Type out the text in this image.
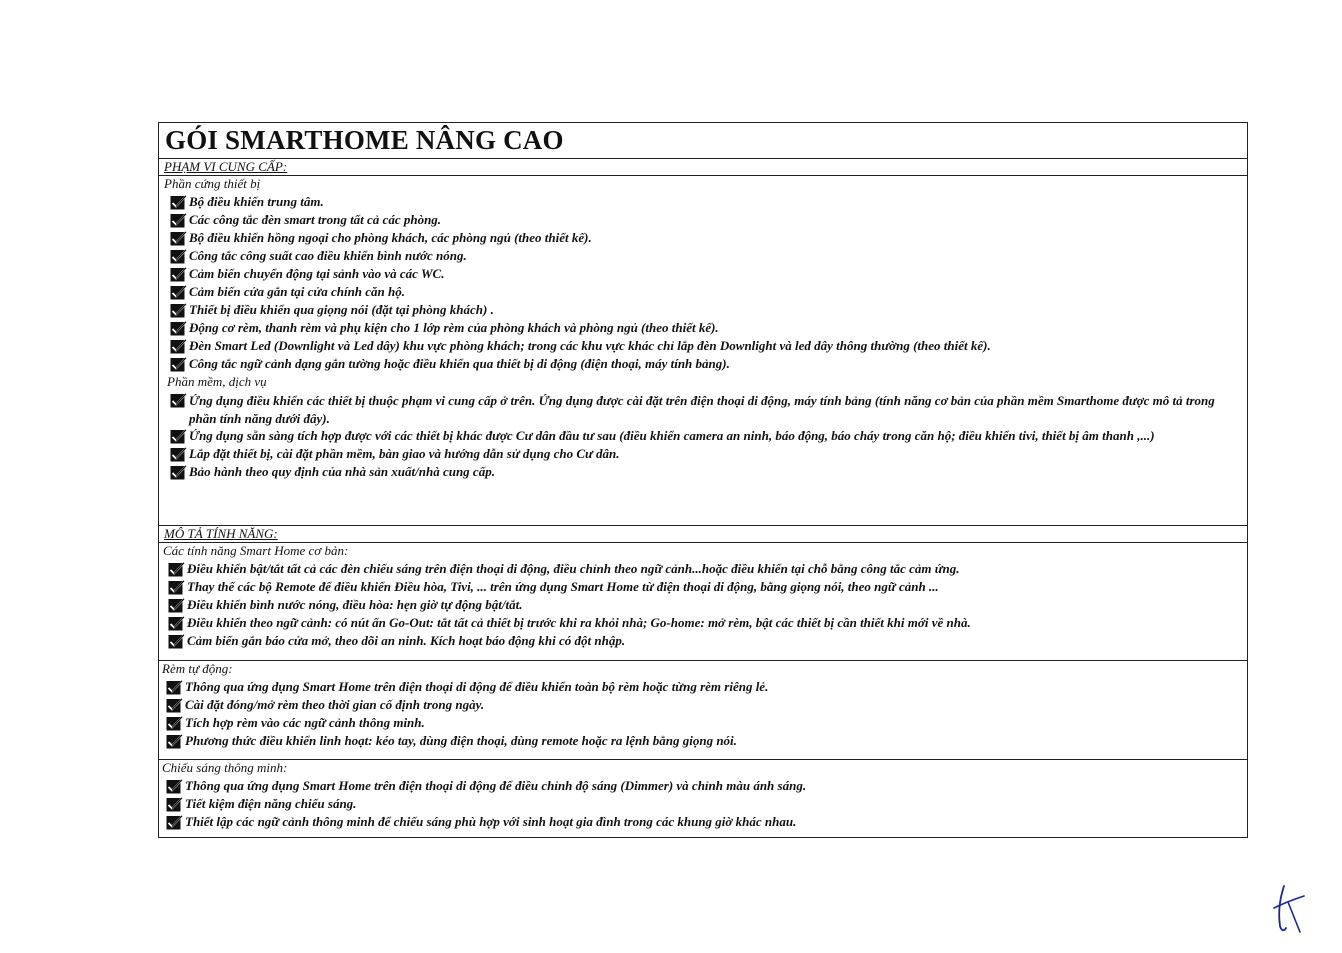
GÓI SMARTHOME NÂNG CAO
PHẠM VI CUNG CẤP:
Phần cứng thiết bị
Bộ điều khiển trung tâm.
Các công tắc đèn smart trong tất cả các phòng.
Bộ điều khiển hồng ngoại cho phòng khách, các phòng ngủ (theo thiết kế).
Công tắc công suất cao điều khiển bình nước nóng.
Cảm biến chuyển động tại sảnh vào và các WC.
Cảm biến cửa gắn tại cửa chính căn hộ.
Thiết bị điều khiển qua giọng nói (đặt tại phòng khách) .
Động cơ rèm, thanh rèm và phụ kiện cho 1 lớp rèm của phòng khách và phòng ngủ (theo thiết kế).
Đèn Smart Led (Downlight và Led dây) khu vực phòng khách; trong các khu vực khác chỉ lắp đèn Downlight và led dây thông thường (theo thiết kế).
Công tắc ngữ cảnh dạng gắn tường hoặc điều khiển qua thiết bị di động (điện thoại, máy tính bảng).
Phần mềm, dịch vụ
Ứng dụng điều khiển các thiết bị thuộc phạm vi cung cấp ở trên. Ứng dụng được cài đặt trên điện thoại di động, máy tính bảng (tính năng cơ bản của phần mềm Smarthome được mô tả trong phần tính năng dưới đây).
Ứng dụng sẵn sàng tích hợp được với các thiết bị khác được Cư dân đầu tư sau (điều khiển camera an ninh, báo động, báo cháy trong căn hộ; điều khiển tivi, thiết bị âm thanh ,...)
Lắp đặt thiết bị, cài đặt phần mềm, bàn giao và hướng dẫn sử dụng cho Cư dân.
Bảo hành theo quy định của nhà sản xuất/nhà cung cấp.
MÔ TẢ TÍNH NĂNG:
Các tính năng Smart Home cơ bản:
Điều khiển bật/tắt tất cả các đèn chiếu sáng trên điện thoại di động, điều chỉnh theo ngữ cảnh...hoặc điều khiển tại chỗ bằng công tắc cảm ứng.
Thay thế các bộ Remote để điều khiển Điều hòa, Tivi, ... trên ứng dụng Smart Home từ điện thoại di động, bằng giọng nói, theo ngữ cảnh ...
Điều khiển bình nước nóng, điều hòa: hẹn giờ tự động bật/tắt.
Điều khiển theo ngữ cảnh: có nút ấn Go-Out: tắt tất cả thiết bị trước khi ra khỏi nhà; Go-home: mở rèm, bật các thiết bị cần thiết khi mới về nhà.
Cảm biến gắn báo cửa mở, theo dõi an ninh. Kích hoạt báo động khi có đột nhập.
Rèm tự động:
Thông qua ứng dụng Smart Home trên điện thoại di động để điều khiển toàn bộ rèm hoặc từng rèm riêng lẻ.
Cài đặt đóng/mở rèm theo thời gian cố định trong ngày.
Tích hợp rèm vào các ngữ cảnh thông minh.
Phương thức điều khiển linh hoạt: kéo tay, dùng điện thoại, dùng remote hoặc ra lệnh bằng giọng nói.
Chiếu sáng thông minh:
Thông qua ứng dụng Smart Home trên điện thoại di động để điều chỉnh độ sáng (Dimmer) và chỉnh màu ánh sáng.
Tiết kiệm điện năng chiếu sáng.
Thiết lập các ngữ cảnh thông minh để chiếu sáng phù hợp với sinh hoạt gia đình trong các khung giờ khác nhau.
